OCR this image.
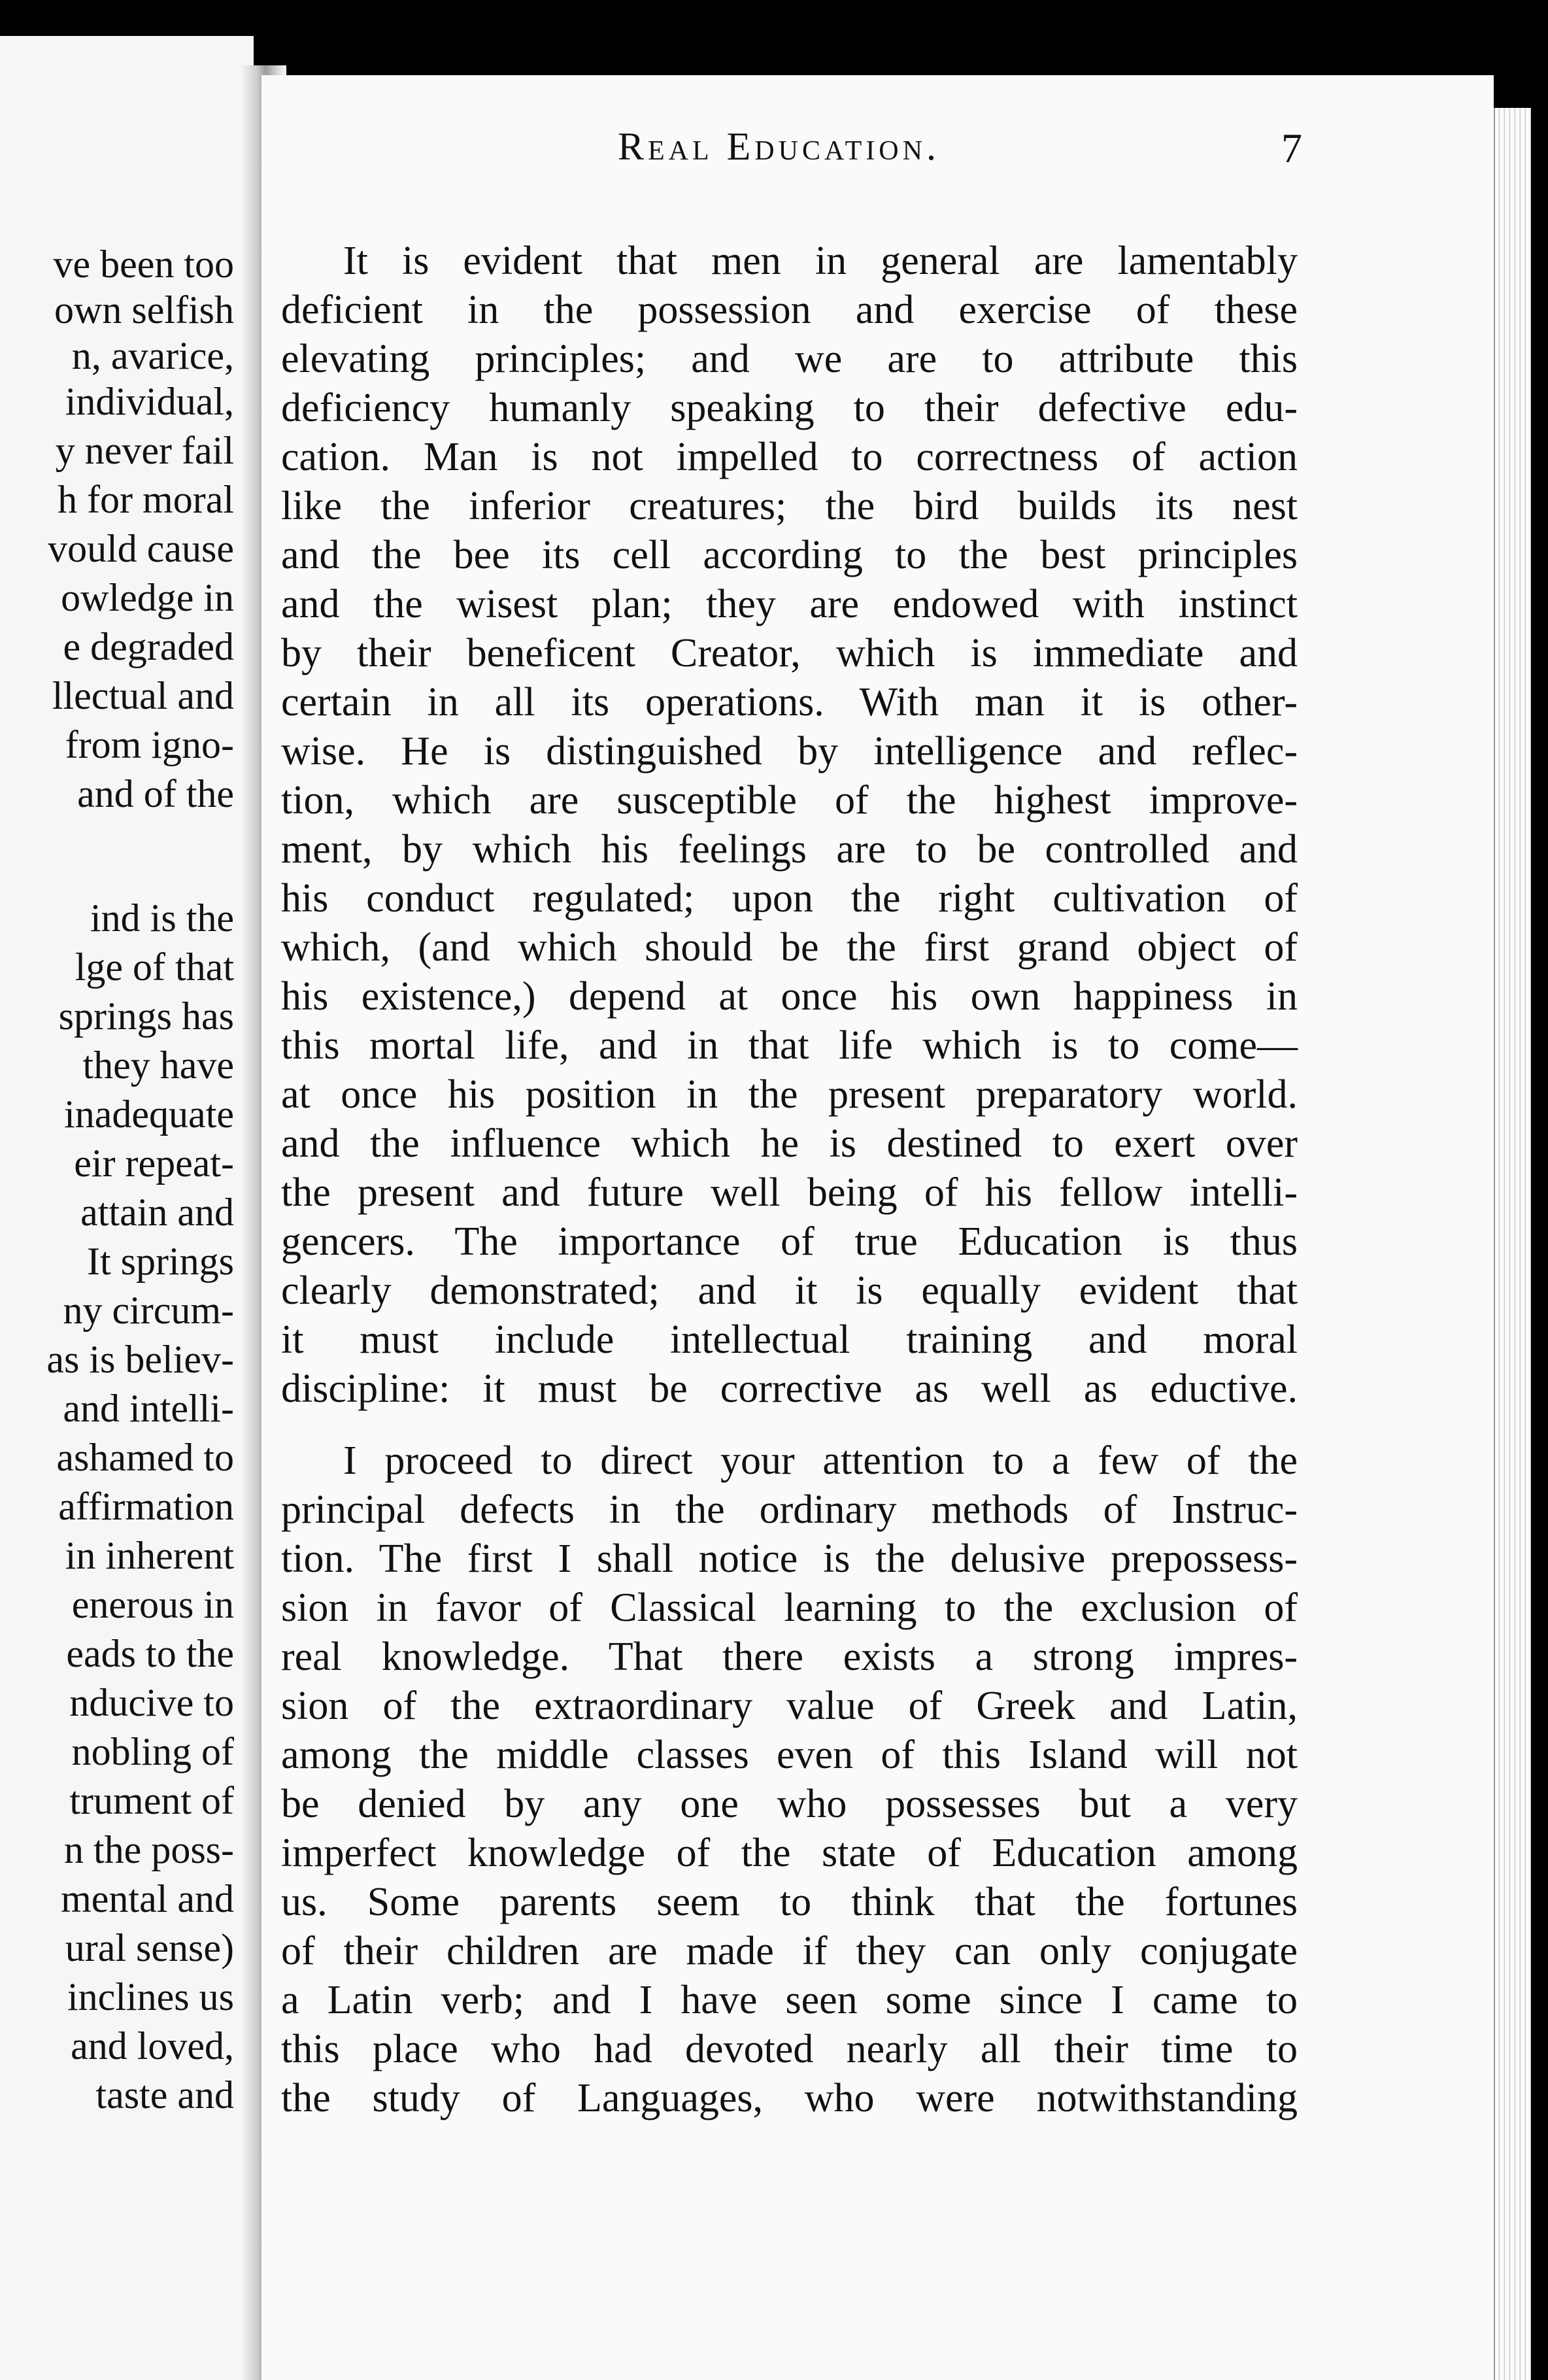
ve been too
own selfish
n, avarice,
individual,
y never fail
h for moral
vould cause
owledge in
e degraded
llectual and
from igno-
and of the
ind is the
lge of that
springs has
they have
inadequate
eir repeat-
attain and
It springs
ny circum-
as is believ-
and intelli-
ashamed to
affirmation
in inherent
enerous in
eads to the
nducive to
nobling of
trument of
n the poss-
mental and
ural sense)
inclines us
and loved,
taste and
Real Education.	7
It is evident that men in general are lamentably
deficient in the possession and exercise of these
elevating principles; and we are to attribute this
deficiency humanly speaking to their defective edu-
cation. Man is not impelled to correctness of action
like the inferior creatures; the bird builds its nest
and the bee its cell according to the best principles
and the wisest plan; they are endowed with instinct
by their beneficent Creator, which is immediate and
certain in all its operations. With man it is other-
wise. He is distinguished by intelligence and reflec-
tion, which are susceptible of the highest improve-
ment, by which his feelings are to be controlled and
his conduct regulated; upon the right cultivation of
which, (and which should be the first grand object of
his existence,) depend at once his own happiness in
this mortal life, and in that life which is to come—
at once his position in the present preparatory world.
and the influence which he is destined to exert over
the present and future well being of his fellow intelli-
gencers. The importance of true Education is thus
clearly demonstrated; and it is equally evident that
it must include intellectual training and moral
discipline: it must be corrective as well as eductive.
I proceed to direct your attention to a few of the
principal defects in the ordinary methods of Instruc-
tion. The first I shall notice is the delusive prepossess-
sion in favor of Classical learning to the exclusion of
real knowledge. That there exists a strong impres-
sion of the extraordinary value of Greek and Latin,
among the middle classes even of this Island will not
be denied by any one who possesses but a very
imperfect knowledge of the state of Education among
us. Some parents seem to think that the fortunes
of their children are made if they can only conjugate
a Latin verb; and I have seen some since I came to
this place who had devoted nearly all their time to
the study of Languages, who were notwithstanding
